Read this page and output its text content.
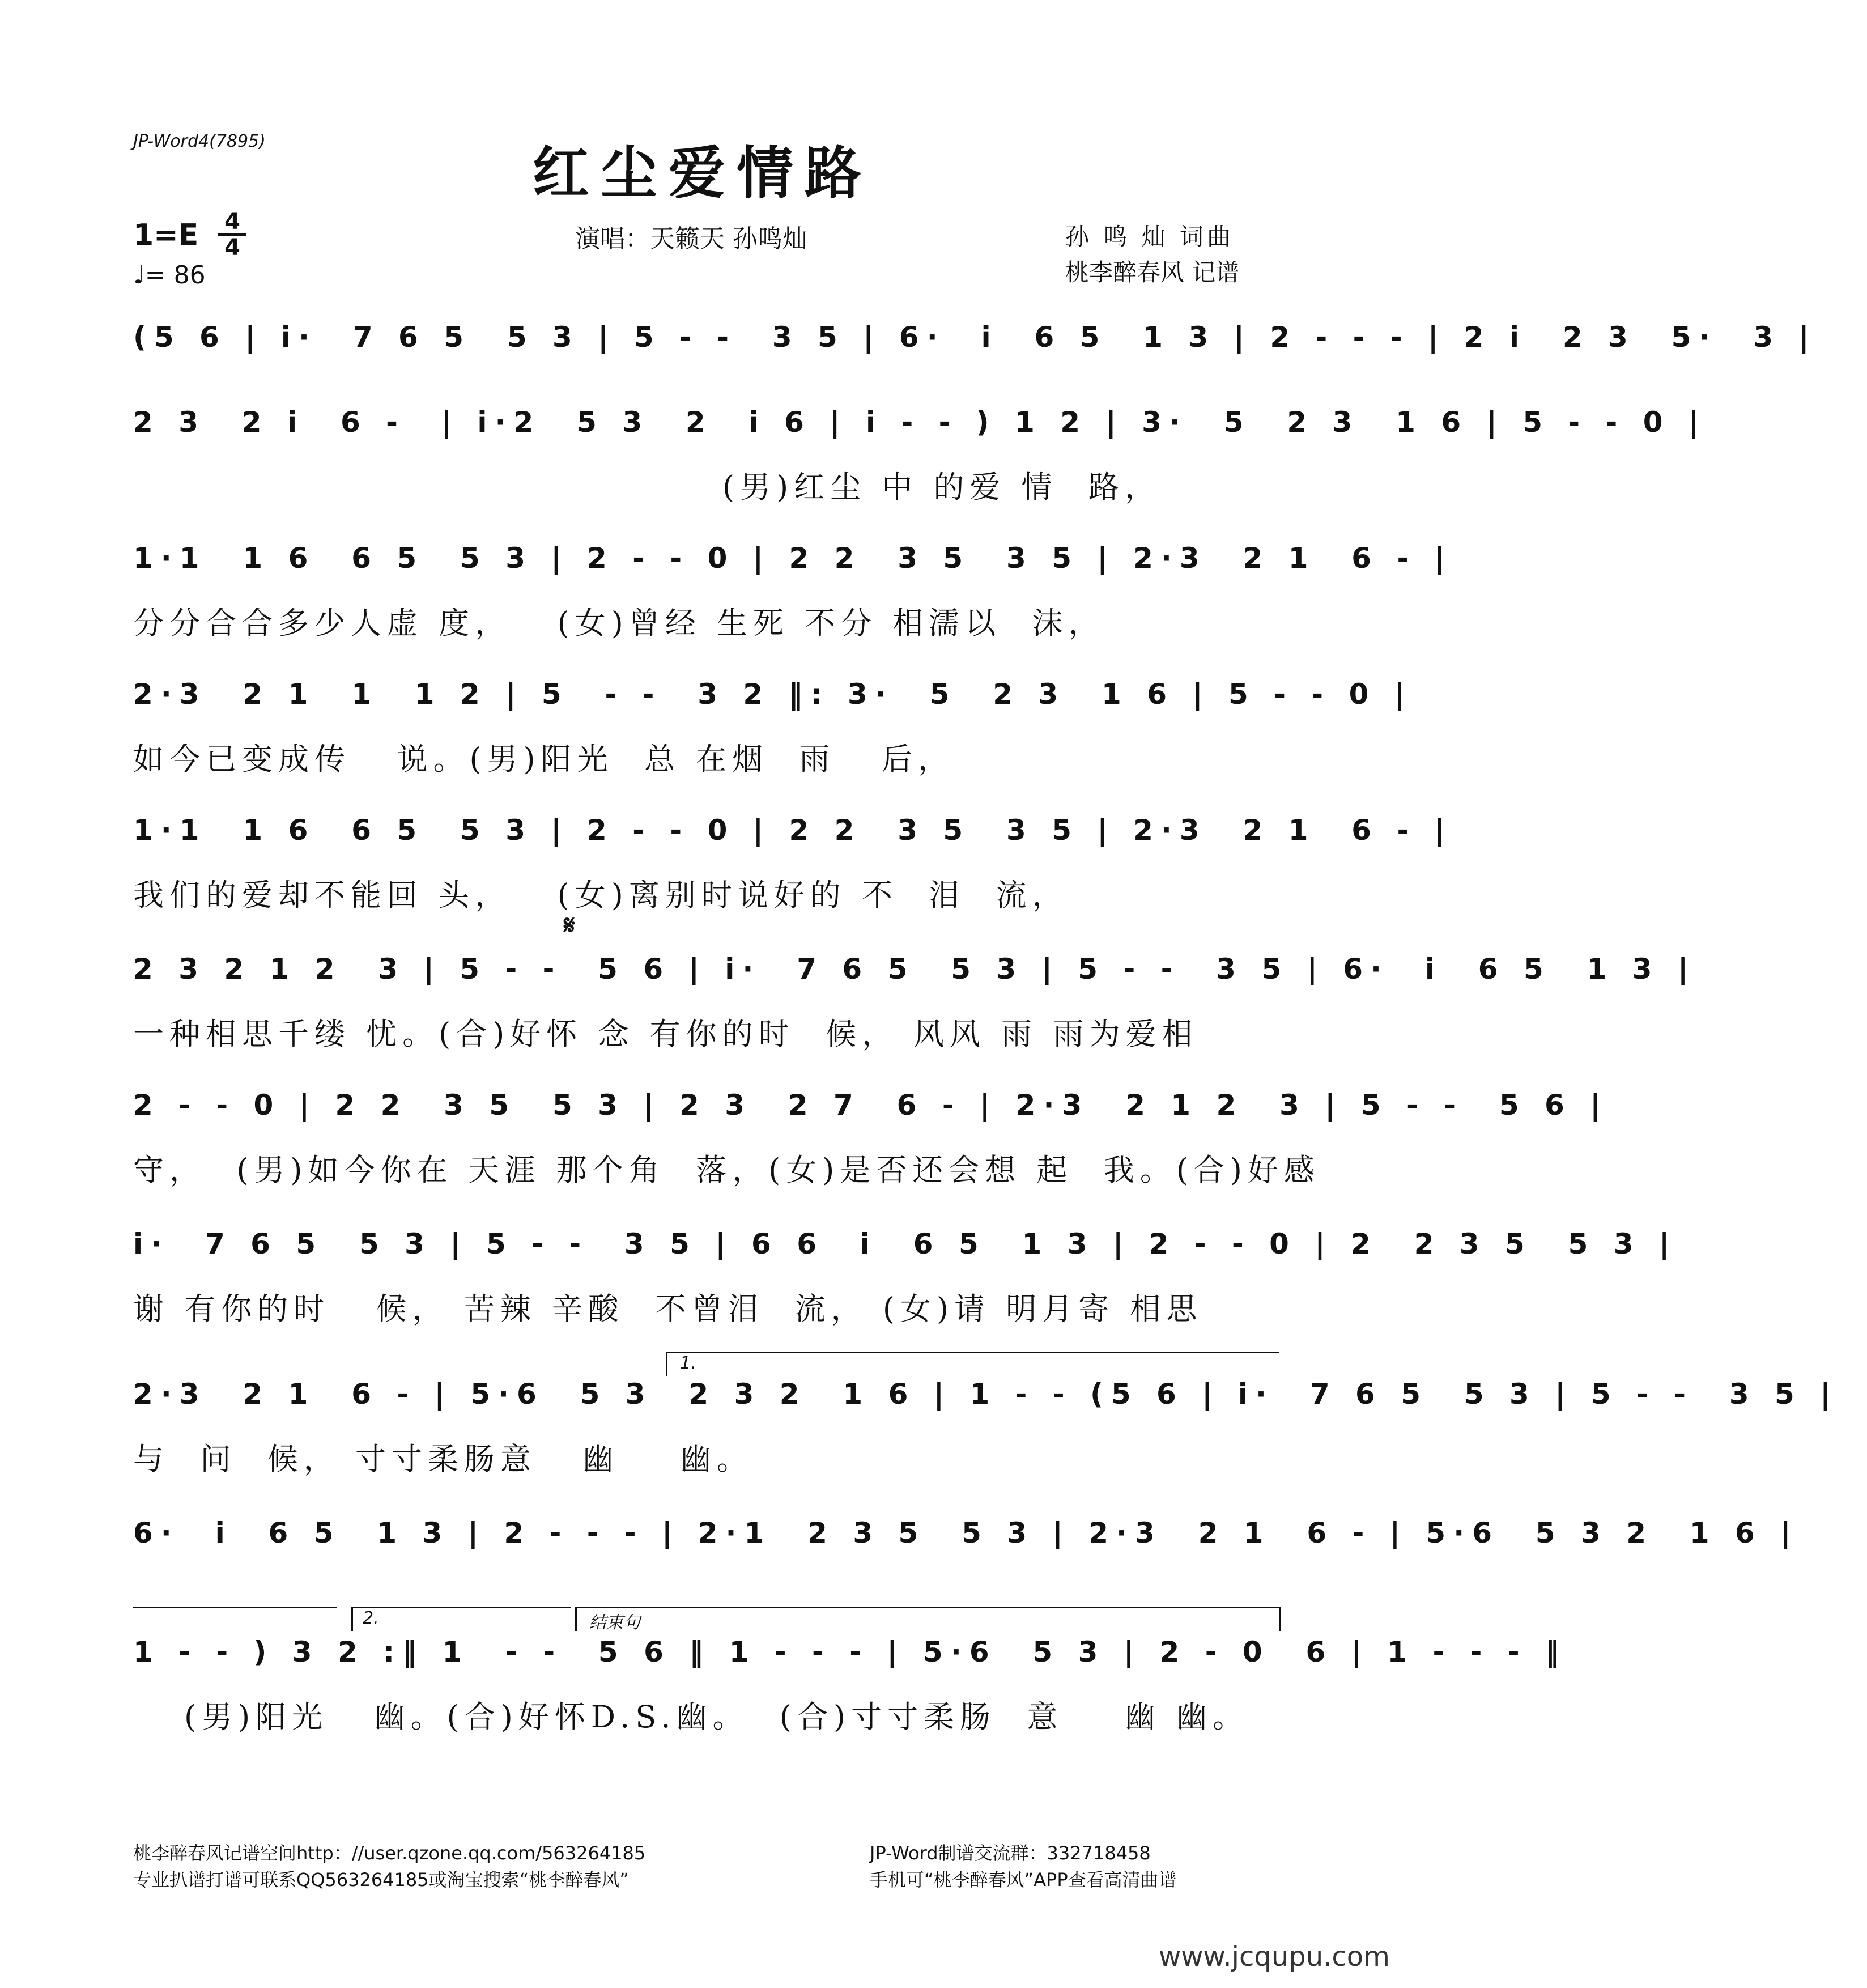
JP-Word4(7895)	红尘爱情路
1=E 4
4
♩= 86
演唱：天籁天 孙鸣灿	孙 鸣 灿 词曲
桃李醉春风 记谱
(5 6 | i·  7 6 5  5 3 | 5 - -  3 5 | 6·  i  6 5  1 3 | 2 - - - | 2 i  2 3  5·  3 |
2 3  2 i  6 -  | i·2  5 3  2  i 6 | i - - ) 1 2 | 3·  5  2 3  1 6 | 5 - - 0 |
(男)红尘 中 的爱 情  路，
1·1  1 6  6 5  5 3 | 2 - - 0 | 2 2  3 5  3 5 | 2·3  2 1  6 - |
分分合合多少人虚 度，   (女)曾经 生死 不分 相濡以  沫，
2·3  2 1  1  1 2 | 5  - -  3 2 ‖: 3·  5  2 3  1 6 | 5 - - 0 |
如今已变成传   说。(男)阳光  总 在烟  雨   后，
1·1  1 6  6 5  5 3 | 2 - - 0 | 2 2  3 5  3 5 | 2·3  2 1  6 - |
我们的爱却不能回 头，   (女)离别时说好的 不  泪  流，
𝄋
2 3 2 1 2  3 | 5 - -  5 6 | i·  7 6 5  5 3 | 5 - -  3 5 | 6·  i  6 5  1 3 |
一种相思千缕 忧。(合)好怀 念 有你的时  候， 风风 雨 雨为爱相
2 - - 0 | 2 2  3 5  5 3 | 2 3  2 7  6 - | 2·3  2 1 2  3 | 5 - -  5 6 |
守，  (男)如今你在 天涯 那个角  落，(女)是否还会想 起  我。(合)好感
i·  7 6 5  5 3 | 5 - -  3 5 | 6 6  i  6 5  1 3 | 2 - - 0 | 2  2 3 5  5 3 |
谢 有你的时   候， 苦辣 辛酸  不曾泪  流， (女)请 明月寄 相思
1.
2·3  2 1  6 - | 5·6  5 3  2 3 2  1 6 | 1 - - (5 6 | i·  7 6 5  5 3 | 5 - -  3 5 |
与  问  候， 寸寸柔肠意   幽    幽。
6·  i  6 5  1 3 | 2 - - - | 2·1  2 3 5  5 3 | 2·3  2 1  6 - | 5·6  5 3 2  1 6 |
2.	结束句
1 - - ) 3 2 :‖ 1  - -  5 6 ‖ 1 - - - | 5·6  5 3 | 2 - 0  6 | 1 - - - ‖
(男)阳光   幽。(合)好怀D.S.幽。  (合)寸寸柔肠  意    幽 幽。
桃李醉春风记谱空间http：//user.qzone.qq.com/563264185
专业扒谱打谱可联系QQ563264185或淘宝搜索“桃李醉春风”
JP-Word制谱交流群：332718458
手机可“桃李醉春风”APP查看高清曲谱
www.jcqupu.com
